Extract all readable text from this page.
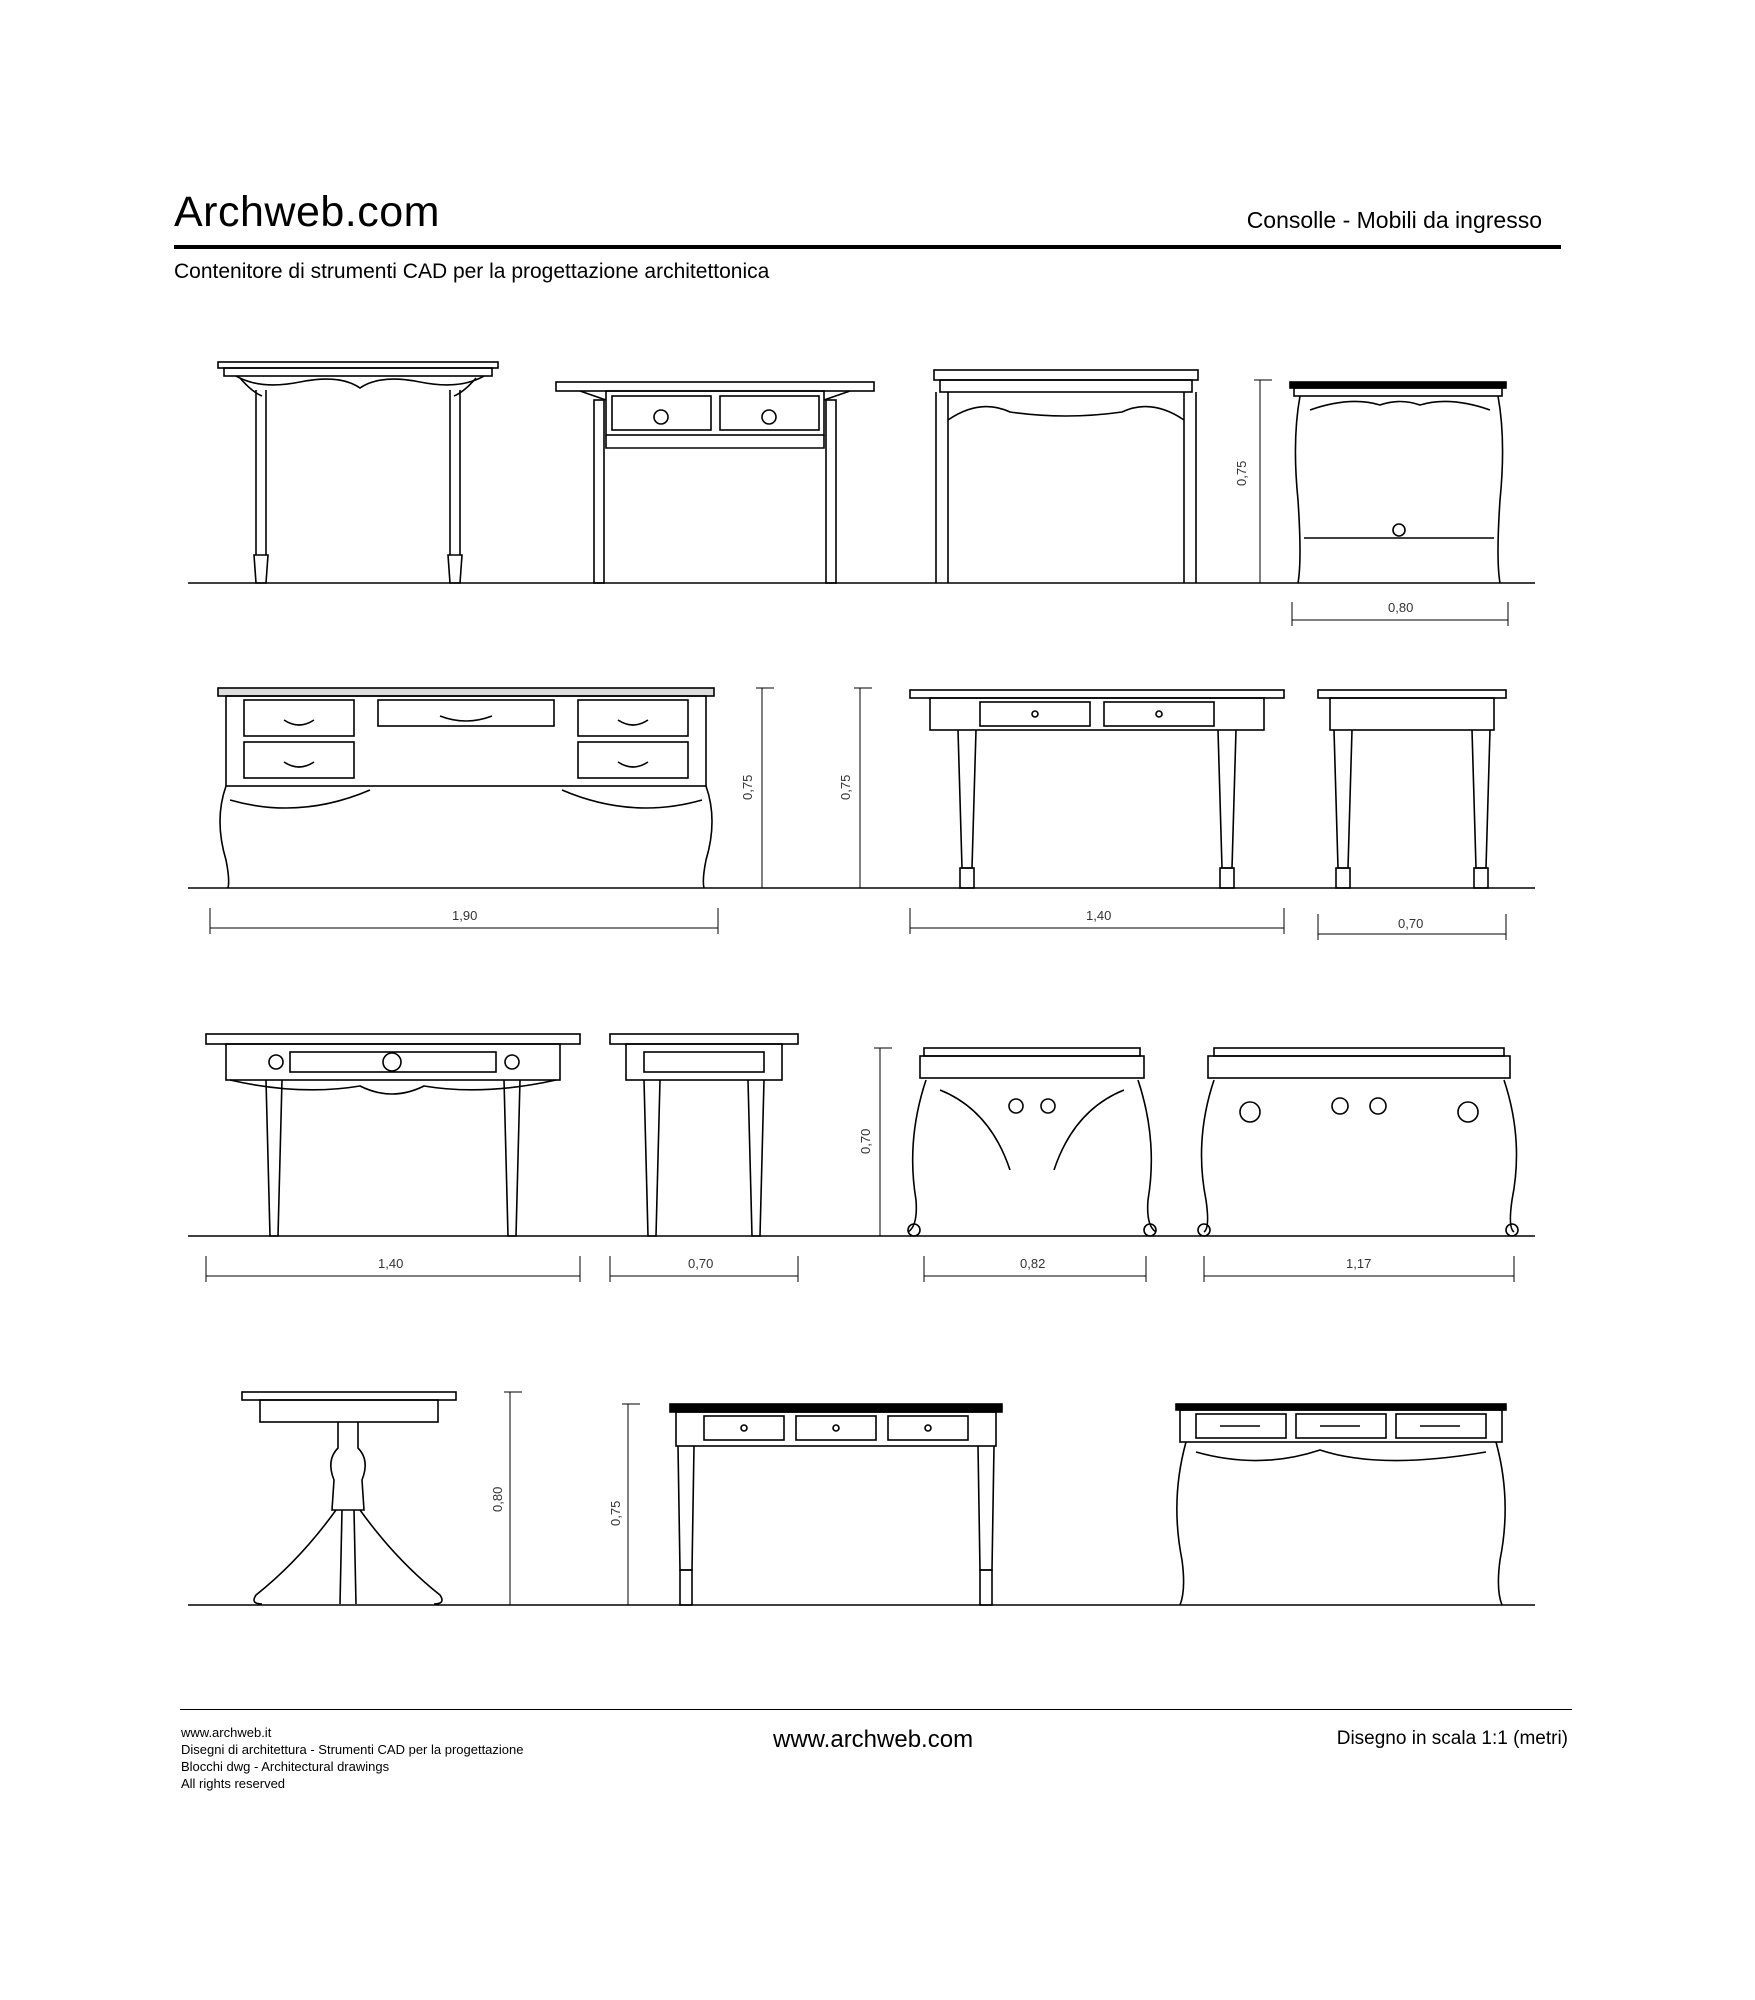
Archweb.com	Consolle - Mobili da ingresso
Contenitore di strumenti CAD per la progettazione architettonica
0,75
0,80
0,75
1,90
0,75
1,40
0,70
1,40	0,70
0,70
0,82	1,17
0,80
0,75
www.archweb.it
Disegni di architettura - Strumenti CAD per la progettazione
Blocchi dwg - Architectural drawings
All rights reserved
www.archweb.com	Disegno in scala 1:1 (metri)
